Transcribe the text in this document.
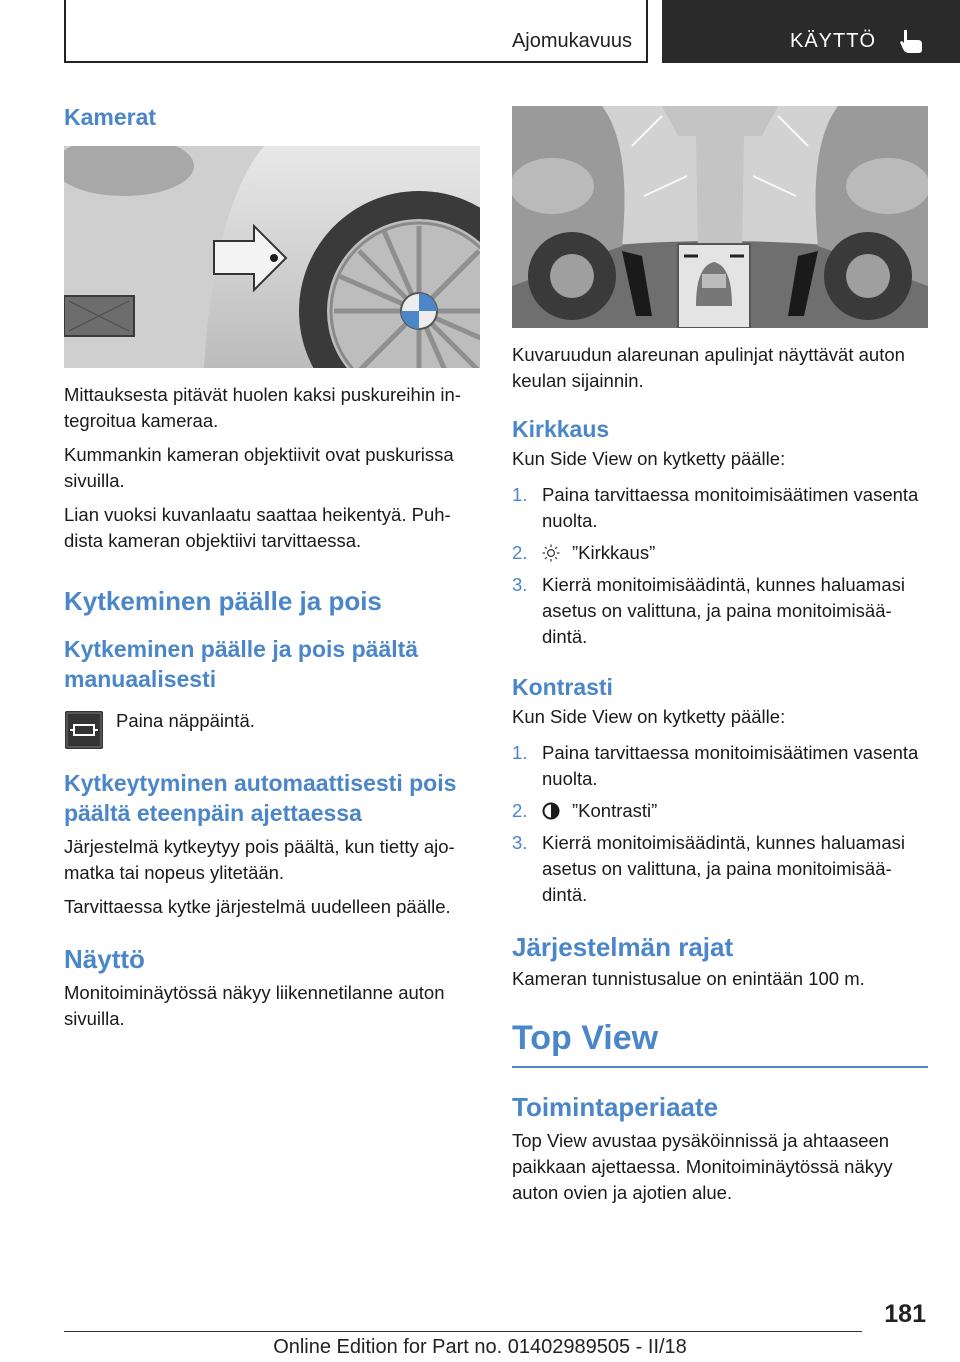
Ajomukavuus	KÄYTTÖ
Kamerat

Mittauksesta pitävät huolen kaksi puskureihin in-tegroitua kameraa.

Kummankin kameran objektiivit ovat puskurissa sivuilla.

Lian vuoksi kuvanlaatu saattaa heikentyä. Puh-dista kameran objektiivi tarvittaessa.

Kytkeminen päälle ja pois
Kytkeminen päälle ja pois päältä manuaalisesti

Paina näppäintä.

Kytkeytyminen automaattisesti pois päältä eteenpäin ajettaessa

Järjestelmä kytkeytyy pois päältä, kun tietty ajo-matka tai nopeus ylitetään.

Tarvittaessa kytke järjestelmä uudelleen päälle.

Näyttö

Monitoiminäytössä näkyy liikennetilanne auton sivuilla.

Kuvaruudun alareunan apulinjat näyttävät auton keulan sijainnin.

Kirkkaus

Kun Side View on kytketty päälle:

1. Paina tarvittaessa monitoimisäätimen vasenta nuolta.
2. ”Kirkkaus”
3. Kierrä monitoimisäädintä, kunnes haluamasi asetus on valittuna, ja paina monitoimisää-dintä.
Kontrasti

Kun Side View on kytketty päälle:

1. Paina tarvittaessa monitoimisäätimen vasenta nuolta.
2. ”Kontrasti”
3. Kierrä monitoimisäädintä, kunnes haluamasi asetus on valittuna, ja paina monitoimisää-dintä.
Järjestelmän rajat

Kameran tunnistusalue on enintään 100 m.

Top View
Toimintaperiaate

Top View avustaa pysäköinnissä ja ahtaaseen paikkaan ajettaessa. Monitoiminäytössä näkyy auton ovien ja ajotien alue.

181
Online Edition for Part no. 01402989505 - II/18
